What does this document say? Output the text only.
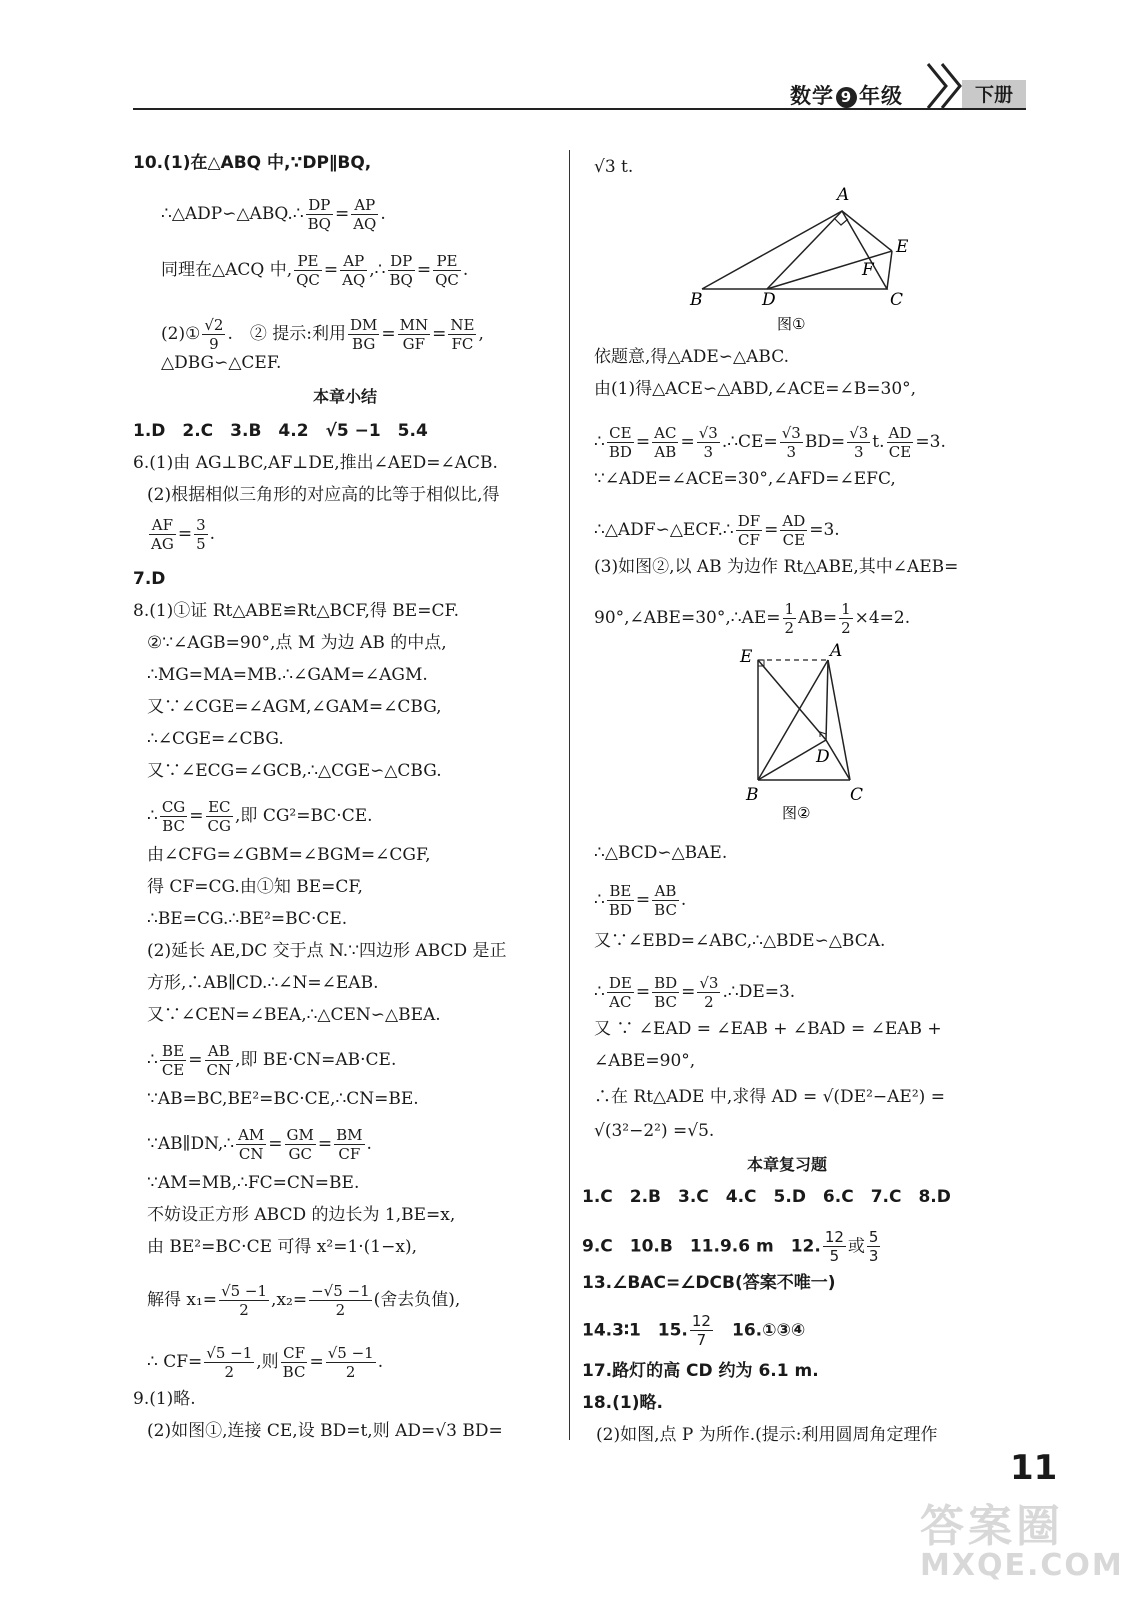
数学 9 年级	下册
10.(1)在△ABQ 中,∵DP∥BQ,
∴△ADP∽△ABQ.∴ $\frac{DP}{BQ} = \frac{AP}{AQ}$ .
同理在△ACQ 中, $\frac{PE}{QC} = \frac{AP}{AQ}$ ,∴ $\frac{DP}{BQ} = \frac{PE}{QC}$ .
(2)① $\frac{√2}{9}$ .　② 提示:利用 $\frac{DM}{BG} = \frac{MN}{GF} = \frac{NE}{FC}$ ,
△DBG∽△CEF.
本章小结
1.D　2.C　3.B　4.2　√5 −1　5.4
6.(1)由 AG⊥BC,AF⊥DE,推出∠AED=∠ACB.
(2)根据相似三角形的对应高的比等于相似比,得
$\frac{AF}{AG} = \frac{3}{5}$ .
7.D
8.(1)①证 Rt△ABE≌Rt△BCF,得 BE=CF.
②∵∠AGB=90°,点 M 为边 AB 的中点,
∴MG=MA=MB.∴∠GAM=∠AGM.
又∵∠CGE=∠AGM,∠GAM=∠CBG,
∴∠CGE=∠CBG.
又∵∠ECG=∠GCB,∴△CGE∽△CBG.
∴ $\frac{CG}{BC} = \frac{EC}{CG}$ ,即 CG²=BC·CE.
由∠CFG=∠GBM=∠BGM=∠CGF,
得 CF=CG.由①知 BE=CF,
∴BE=CG.∴BE²=BC·CE.
(2)延长 AE,DC 交于点 N.∵四边形 ABCD 是正
方形,∴AB∥CD.∴∠N=∠EAB.
又∵∠CEN=∠BEA,∴△CEN∽△BEA.
∴ $\frac{BE}{CE} = \frac{AB}{CN}$ ,即 BE·CN=AB·CE.
∵AB=BC,BE²=BC·CE,∴CN=BE.
∵AB∥DN,∴ $\frac{AM}{CN} = \frac{GM}{GC} = \frac{BM}{CF}$ .
∵AM=MB,∴FC=CN=BE.
不妨设正方形 ABCD 的边长为 1,BE=x,
由 BE²=BC·CE 可得 x²=1·(1−x),
解得 $x_1= \frac{√5 -1}{2} ,x_2= \frac{-√5 -1}{2}$ (舍去负值),
∴ $CF= \frac{√5 -1}{2}$ ,则 $\frac{CF}{BC} = \frac{√5 -1}{2}$ .
9.(1)略.
(2)如图①,连接 CE,设 BD=t,则 AD=√3 BD=
√3 t.
A
B	C
D
E
F
图①
依题意,得△ADE∽△ABC.
由(1)得△ACE∽△ABD,∠ACE=∠B=30°,
∴ $\frac{CE}{BD} = \frac{AC}{AB} = \frac{√3}{3}$ .∴CE= $\frac{√3}{3} BD= \frac{√3}{3} t$. $\frac{AD}{CE} =3$.
∵∠ADE=∠ACE=30°,∠AFD=∠EFC,
∴△ADF∽△ECF.∴ $\frac{DF}{CF} = \frac{AD}{CE} =3$.
(3)如图②,以 AB 为边作 Rt△ABE,其中∠AEB=
90°,∠ABE=30°,∴AE= $\frac{1}{2} AB= \frac{1}{2} \times 4=2$.
E	A
B	C
D
图②
∴△BCD∽△BAE.
∴ $\frac{BE}{BD} = \frac{AB}{BC}$ .
又∵∠EBD=∠ABC,∴△BDE∽△BCA.
∴ $\frac{DE}{AC} = \frac{BD}{BC} = \frac{√3}{2}$ .∴DE=3.
又 ∵ ∠EAD = ∠EAB + ∠BAD = ∠EAB +
∠ABE=90°,
∴在 Rt△ADE 中,求得 AD = √(DE²−AE²) =
√(3²−2²) =√5.
本章复习题
1.C　2.B　3.C　4.C　5.D　6.C　7.C　8.D
9.C　10.B　11.9.6 m　12. $\frac{12}{5}$ 或 $\frac{5}{3}$
13.∠BAC=∠DCB(答案不唯一)
14.3∶1　15. $\frac{12}{7}$ 　16.①③④
17.路灯的高 CD 约为 6.1 m.
18.(1)略.
(2)如图,点 P 为所作.(提示:利用圆周角定理作
11
答案圈
MXQE.COM
